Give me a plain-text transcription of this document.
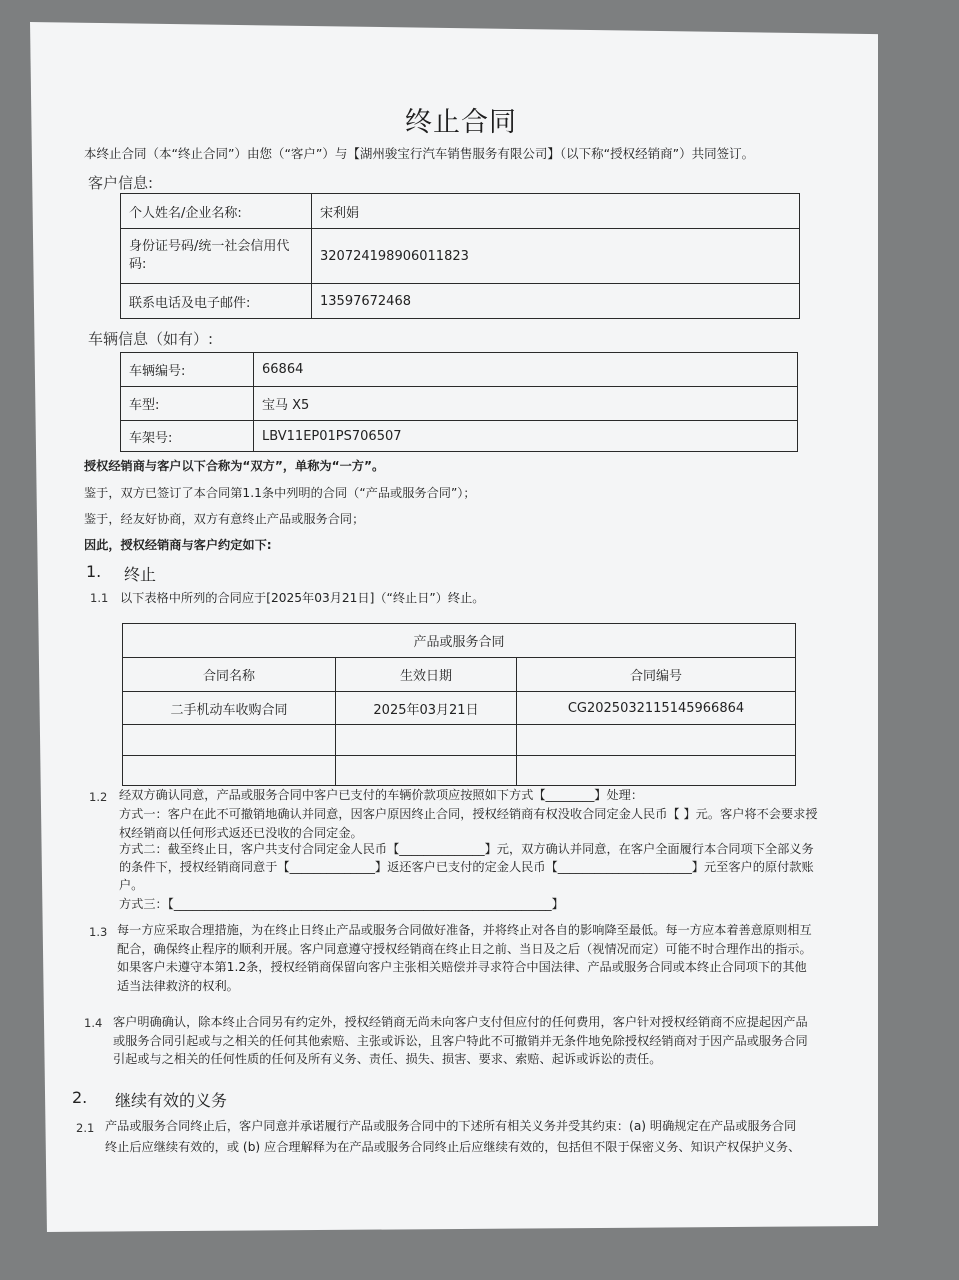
终止合同
本终止合同（本“终止合同”）由您（“客户”）与【湖州骏宝行汽车销售服务有限公司】（以下称“授权经销商”）共同签订。
客户信息:
个人姓名/企业名称:	宋利娟
身份证号码/统一社会信用代码:	320724198906011823
联系电话及电子邮件:	13597672468
车辆信息（如有）:
车辆编号:	66864
车型:	宝马 X5
车架号:	LBV11EP01PS706507
授权经销商与客户以下合称为“双方”，单称为“一方”。
鉴于，双方已签订了本合同第1.1条中列明的合同（“产品或服务合同”）；
鉴于，经友好协商，双方有意终止产品或服务合同；
因此，授权经销商与客户约定如下:
1. 终止
1.1 以下表格中所列的合同应于[2025年03月21日]（“终止日”）终止。
产品或服务合同		
合同名称	生效日期	合同编号
二手机动车收购合同	2025年03月21日	CG2025032115145966864

1.2 经双方确认同意，产品或服务合同中客户已支付的车辆价款项应按照如下方式【________】处理：
方式一：客户在此不可撤销地确认并同意，因客户原因终止合同，授权经销商有权没收合同定金人民币【 】元。客户将不会要求授
权经销商以任何形式返还已没收的合同定金。
方式二：截至终止日，客户共支付合同定金人民币【______________】元，双方确认并同意，在客户全面履行本合同项下全部义务
的条件下，授权经销商同意于【______________】返还客户已支付的定金人民币【______________________】元至客户的原付款账
户。
方式三：【______________________________________________________________】
1.3 每一方应采取合理措施，为在终止日终止产品或服务合同做好准备，并将终止对各自的影响降至最低。每一方应本着善意原则相互
配合，确保终止程序的顺利开展。客户同意遵守授权经销商在终止日之前、当日及之后（视情况而定）可能不时合理作出的指示。
如果客户未遵守本第1.2条，授权经销商保留向客户主张相关赔偿并寻求符合中国法律、产品或服务合同或本终止合同项下的其他
适当法律救济的权利。
1.4 客户明确确认，除本终止合同另有约定外，授权经销商无尚未向客户支付但应付的任何费用，客户针对授权经销商不应提起因产品
或服务合同引起或与之相关的任何其他索赔、主张或诉讼，且客户特此不可撤销并无条件地免除授权经销商对于因产品或服务合同
引起或与之相关的任何性质的任何及所有义务、责任、损失、损害、要求、索赔、起诉或诉讼的责任。
2. 继续有效的义务
2.1 产品或服务合同终止后，客户同意并承诺履行产品或服务合同中的下述所有相关义务并受其约束：(a) 明确规定在产品或服务合同
终止后应继续有效的，或 (b) 应合理解释为在产品或服务合同终止后应继续有效的，包括但不限于保密义务、知识产权保护义务、
